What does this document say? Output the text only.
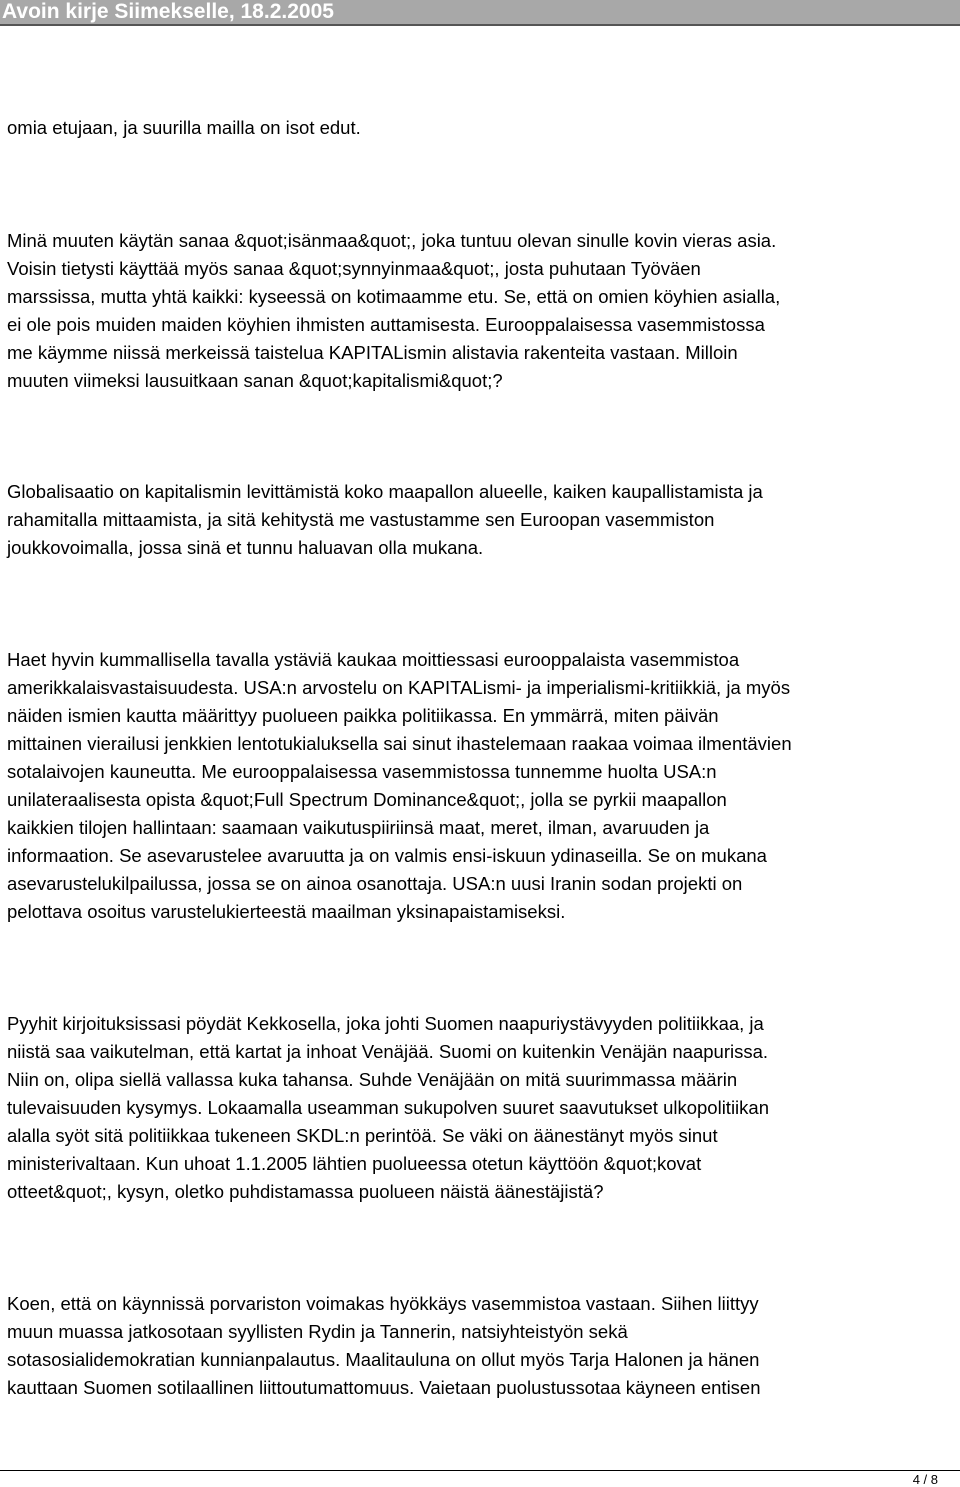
Avoin kirje Siimekselle, 18.2.2005

omia etujaan, ja suurilla mailla on isot edut.

Minä muuten käytän sanaa &quot;isänmaa&quot;, joka tuntuu olevan sinulle kovin vieras asia.
Voisin tietysti käyttää myös sanaa &quot;synnyinmaa&quot;, josta puhutaan Työväen
marssissa, mutta yhtä kaikki: kyseessä on kotimaamme etu. Se, että on omien köyhien asialla,
ei ole pois muiden maiden köyhien ihmisten auttamisesta. Eurooppalaisessa vasemmistossa
me käymme niissä merkeissä taistelua KAPITALismin alistavia rakenteita vastaan. Milloin
muuten viimeksi lausuitkaan sanan &quot;kapitalismi&quot;?

Globalisaatio on kapitalismin levittämistä koko maapallon alueelle, kaiken kaupallistamista ja
rahamitalla mittaamista, ja sitä kehitystä me vastustamme sen Euroopan vasemmiston
joukkovoimalla, jossa sinä et tunnu haluavan olla mukana.

Haet hyvin kummallisella tavalla ystäviä kaukaa moittiessasi eurooppalaista vasemmistoa
amerikkalaisvastaisuudesta. USA:n arvostelu on KAPITALismi- ja imperialismi-kritiikkiä, ja myös
näiden ismien kautta määrittyy puolueen paikka politiikassa. En ymmärrä, miten päivän
mittainen vierailusi jenkkien lentotukialuksella sai sinut ihastelemaan raakaa voimaa ilmentävien
sotalaivojen kauneutta. Me eurooppalaisessa vasemmistossa tunnemme huolta USA:n
unilateraalisesta opista &quot;Full Spectrum Dominance&quot;, jolla se pyrkii maapallon
kaikkien tilojen hallintaan: saamaan vaikutuspiiriinsä maat, meret, ilman, avaruuden ja
informaation. Se asevarustelee avaruutta ja on valmis ensi-iskuun ydinaseilla. Se on mukana
asevarustelukilpailussa, jossa se on ainoa osanottaja. USA:n uusi Iranin sodan projekti on
pelottava osoitus varustelukierteestä maailman yksinapaistamiseksi.

Pyyhit kirjoituksissasi pöydät Kekkosella, joka johti Suomen naapuriystävyyden politiikkaa, ja
niistä saa vaikutelman, että kartat ja inhoat Venäjää. Suomi on kuitenkin Venäjän naapurissa.
Niin on, olipa siellä vallassa kuka tahansa. Suhde Venäjään on mitä suurimmassa määrin
tulevaisuuden kysymys. Lokaamalla useamman sukupolven suuret saavutukset ulkopolitiikan
alalla syöt sitä politiikkaa tukeneen SKDL:n perintöä. Se väki on äänestänyt myös sinut
ministerivaltaan. Kun uhoat 1.1.2005 lähtien puolueessa otetun käyttöön &quot;kovat
otteet&quot;, kysyn, oletko puhdistamassa puolueen näistä äänestäjistä?

Koen, että on käynnissä porvariston voimakas hyökkäys vasemmistoa vastaan. Siihen liittyy
muun muassa jatkosotaan syyllisten Rydin ja Tannerin, natsiyhteistyön sekä
sotasosialidemokratian kunnianpalautus. Maalitauluna on ollut myös Tarja Halonen ja hänen
kauttaan Suomen sotilaallinen liittoutumattomuus. Vaietaan puolustussotaa käyneen entisen

4 / 8
